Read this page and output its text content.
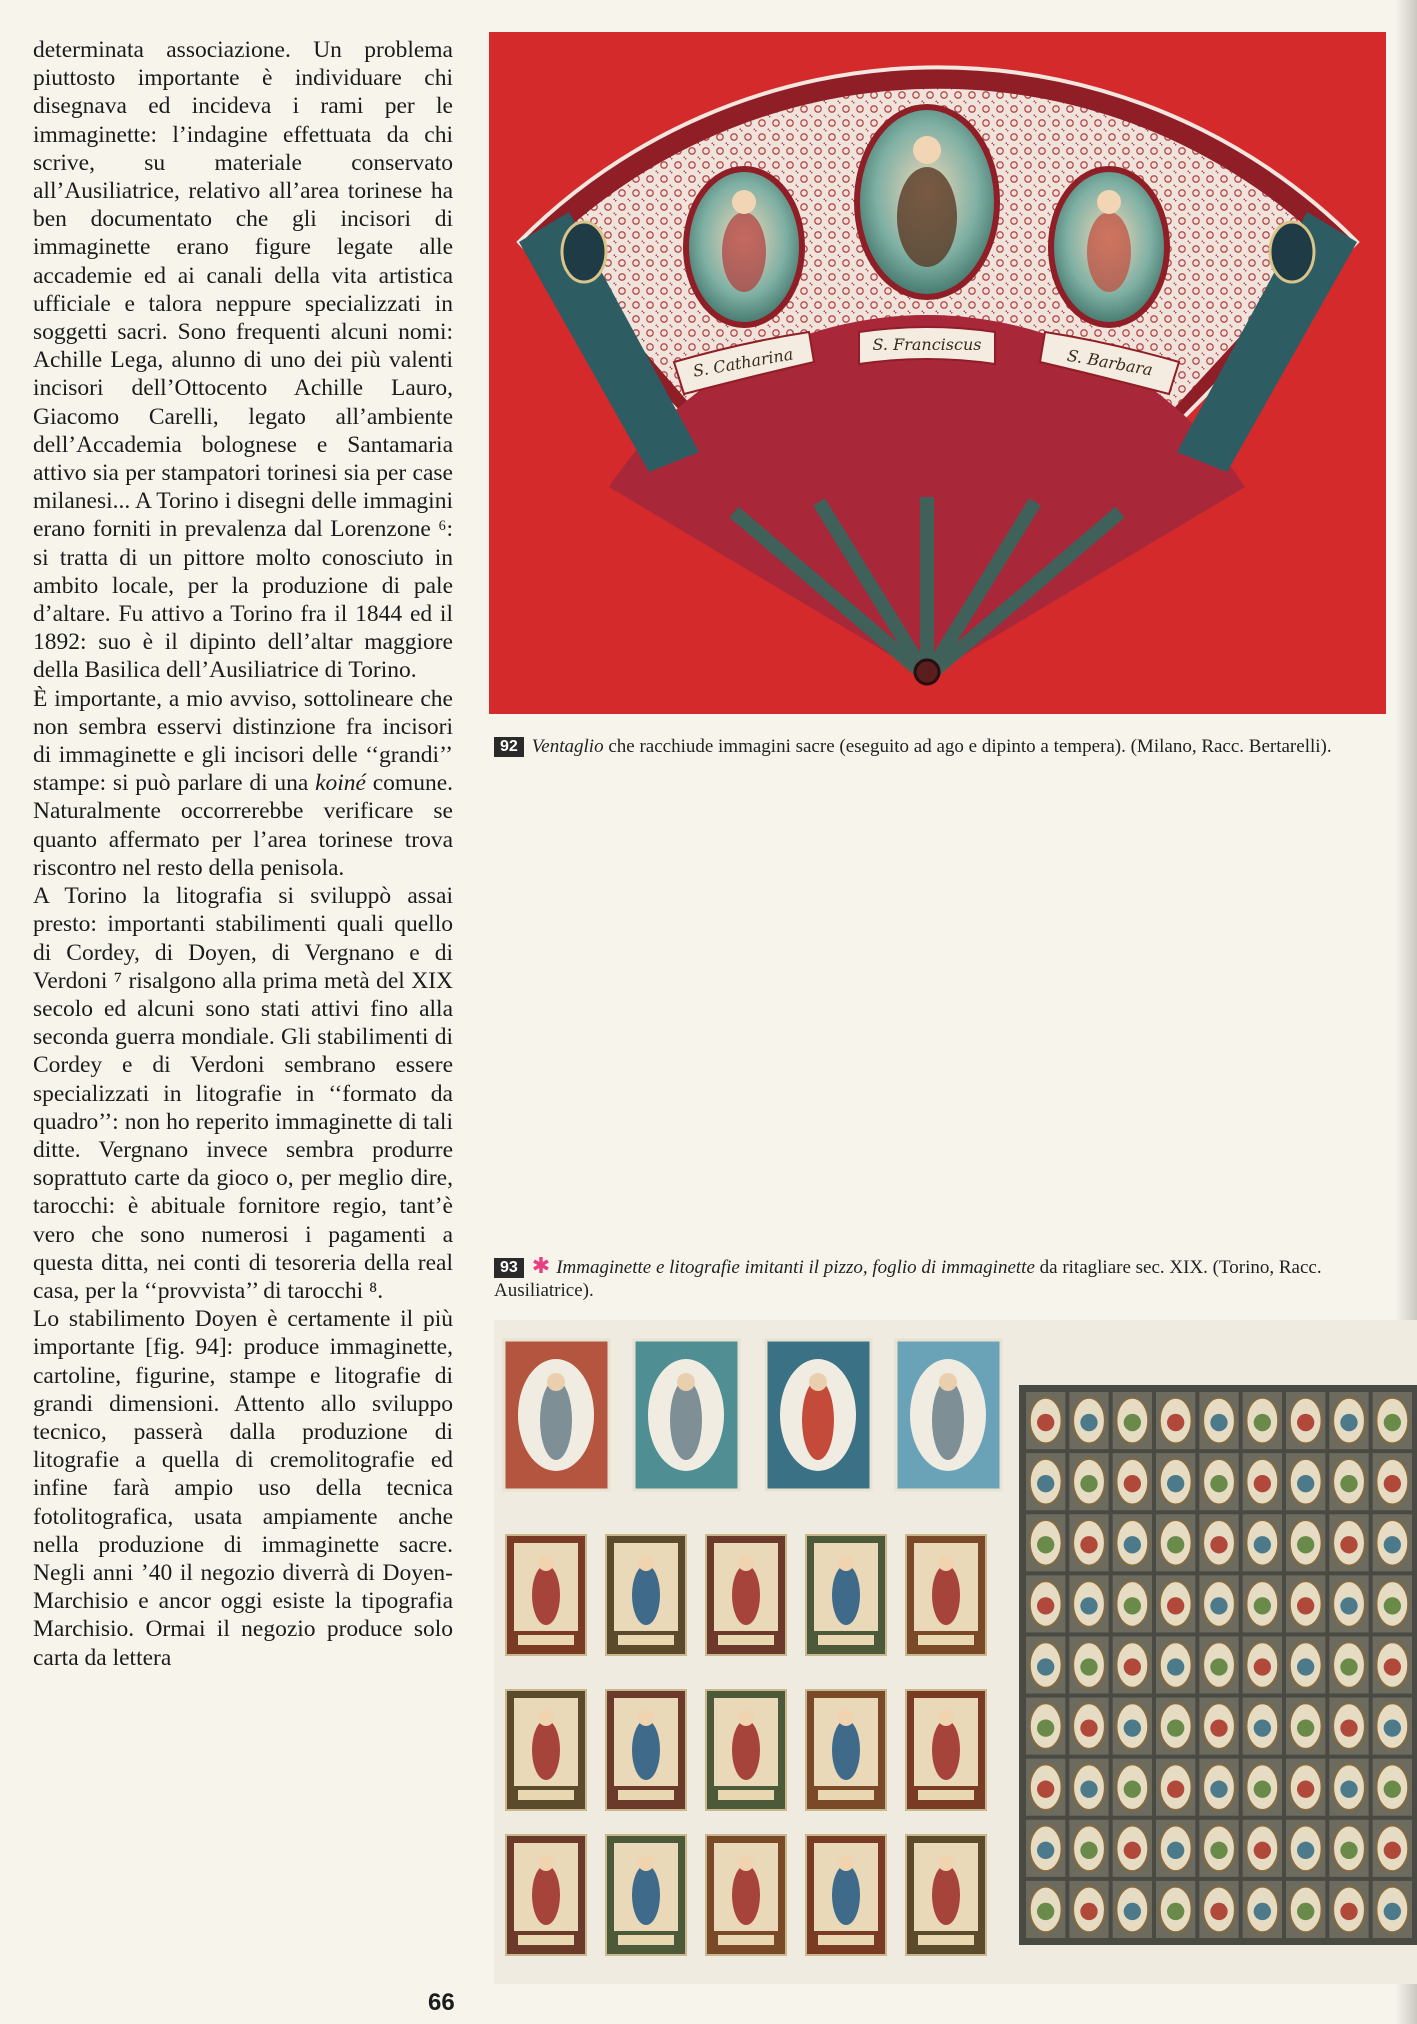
determinata associazione. Un problema piuttosto importante è individuare chi disegnava ed incideva i rami per le immaginette: l’indagine effettuata da chi scrive, su materiale conservato all’Ausiliatrice, relativo all’area torinese ha ben documentato che gli incisori di immaginette erano figure legate alle accademie ed ai canali della vita artistica ufficiale e talora neppure specializzati in soggetti sacri. Sono frequenti alcuni nomi: Achille Lega, alunno di uno dei più valenti incisori dell’Ottocento Achille Lauro, Giacomo Carelli, legato all’ambiente dell’Accademia bolognese e Santamaria attivo sia per stampatori torinesi sia per case milanesi... A Torino i disegni delle immagini erano forniti in prevalenza dal Lorenzone ⁶: si tratta di un pittore molto conosciuto in ambito locale, per la produzione di pale d’altare. Fu attivo a Torino fra il 1844 ed il 1892: suo è il dipinto dell’altar maggiore della Basilica dell’Ausiliatrice di Torino.

È importante, a mio avviso, sottolineare che non sembra esservi distinzione fra incisori di immaginette e gli incisori delle ‘‘grandi’’ stampe: si può parlare di una koiné comune. Naturalmente occorrerebbe verificare se quanto affermato per l’area torinese trova riscontro nel resto della penisola.

A Torino la litografia si sviluppò assai presto: importanti stabilimenti quali quello di Cordey, di Doyen, di Vergnano e di Verdoni ⁷ risalgono alla prima metà del XIX secolo ed alcuni sono stati attivi fino alla seconda guerra mondiale. Gli stabilimenti di Cordey e di Verdoni sembrano essere specializzati in litografie in ‘‘formato da quadro’’: non ho reperito immaginette di tali ditte. Vergnano invece sembra produrre soprattuto carte da gioco o, per meglio dire, tarocchi: è abituale fornitore regio, tant’è vero che sono numerosi i pagamenti a questa ditta, nei conti di tesoreria della real casa, per la ‘‘provvista’’ di tarocchi ⁸.

Lo stabilimento Doyen è certamente il più importante [fig. 94]: produce immaginette, cartoline, figurine, stampe e litografie di grandi dimensioni. Attento allo sviluppo tecnico, passerà dalla produzione di litografie a quella di cremolitografie ed infine farà ampio uso della tecnica fotolitografica, usata ampiamente anche nella produzione di immaginette sacre. Negli anni ’40 il negozio diverrà di Doyen-Marchisio e ancor oggi esiste la tipografia Marchisio. Ormai il negozio produce solo carta da lettera

66
S. Catharina	S. Franciscus
S. Barbara
92 Ventaglio che racchiude immagini sacre (eseguito ad ago e dipinto a tempera). (Milano, Racc. Bertarelli).
93 ✱ Immaginette e litografie imitanti il pizzo, foglio di immaginette da ritagliare sec. XIX. (Torino, Racc. Ausiliatrice).
